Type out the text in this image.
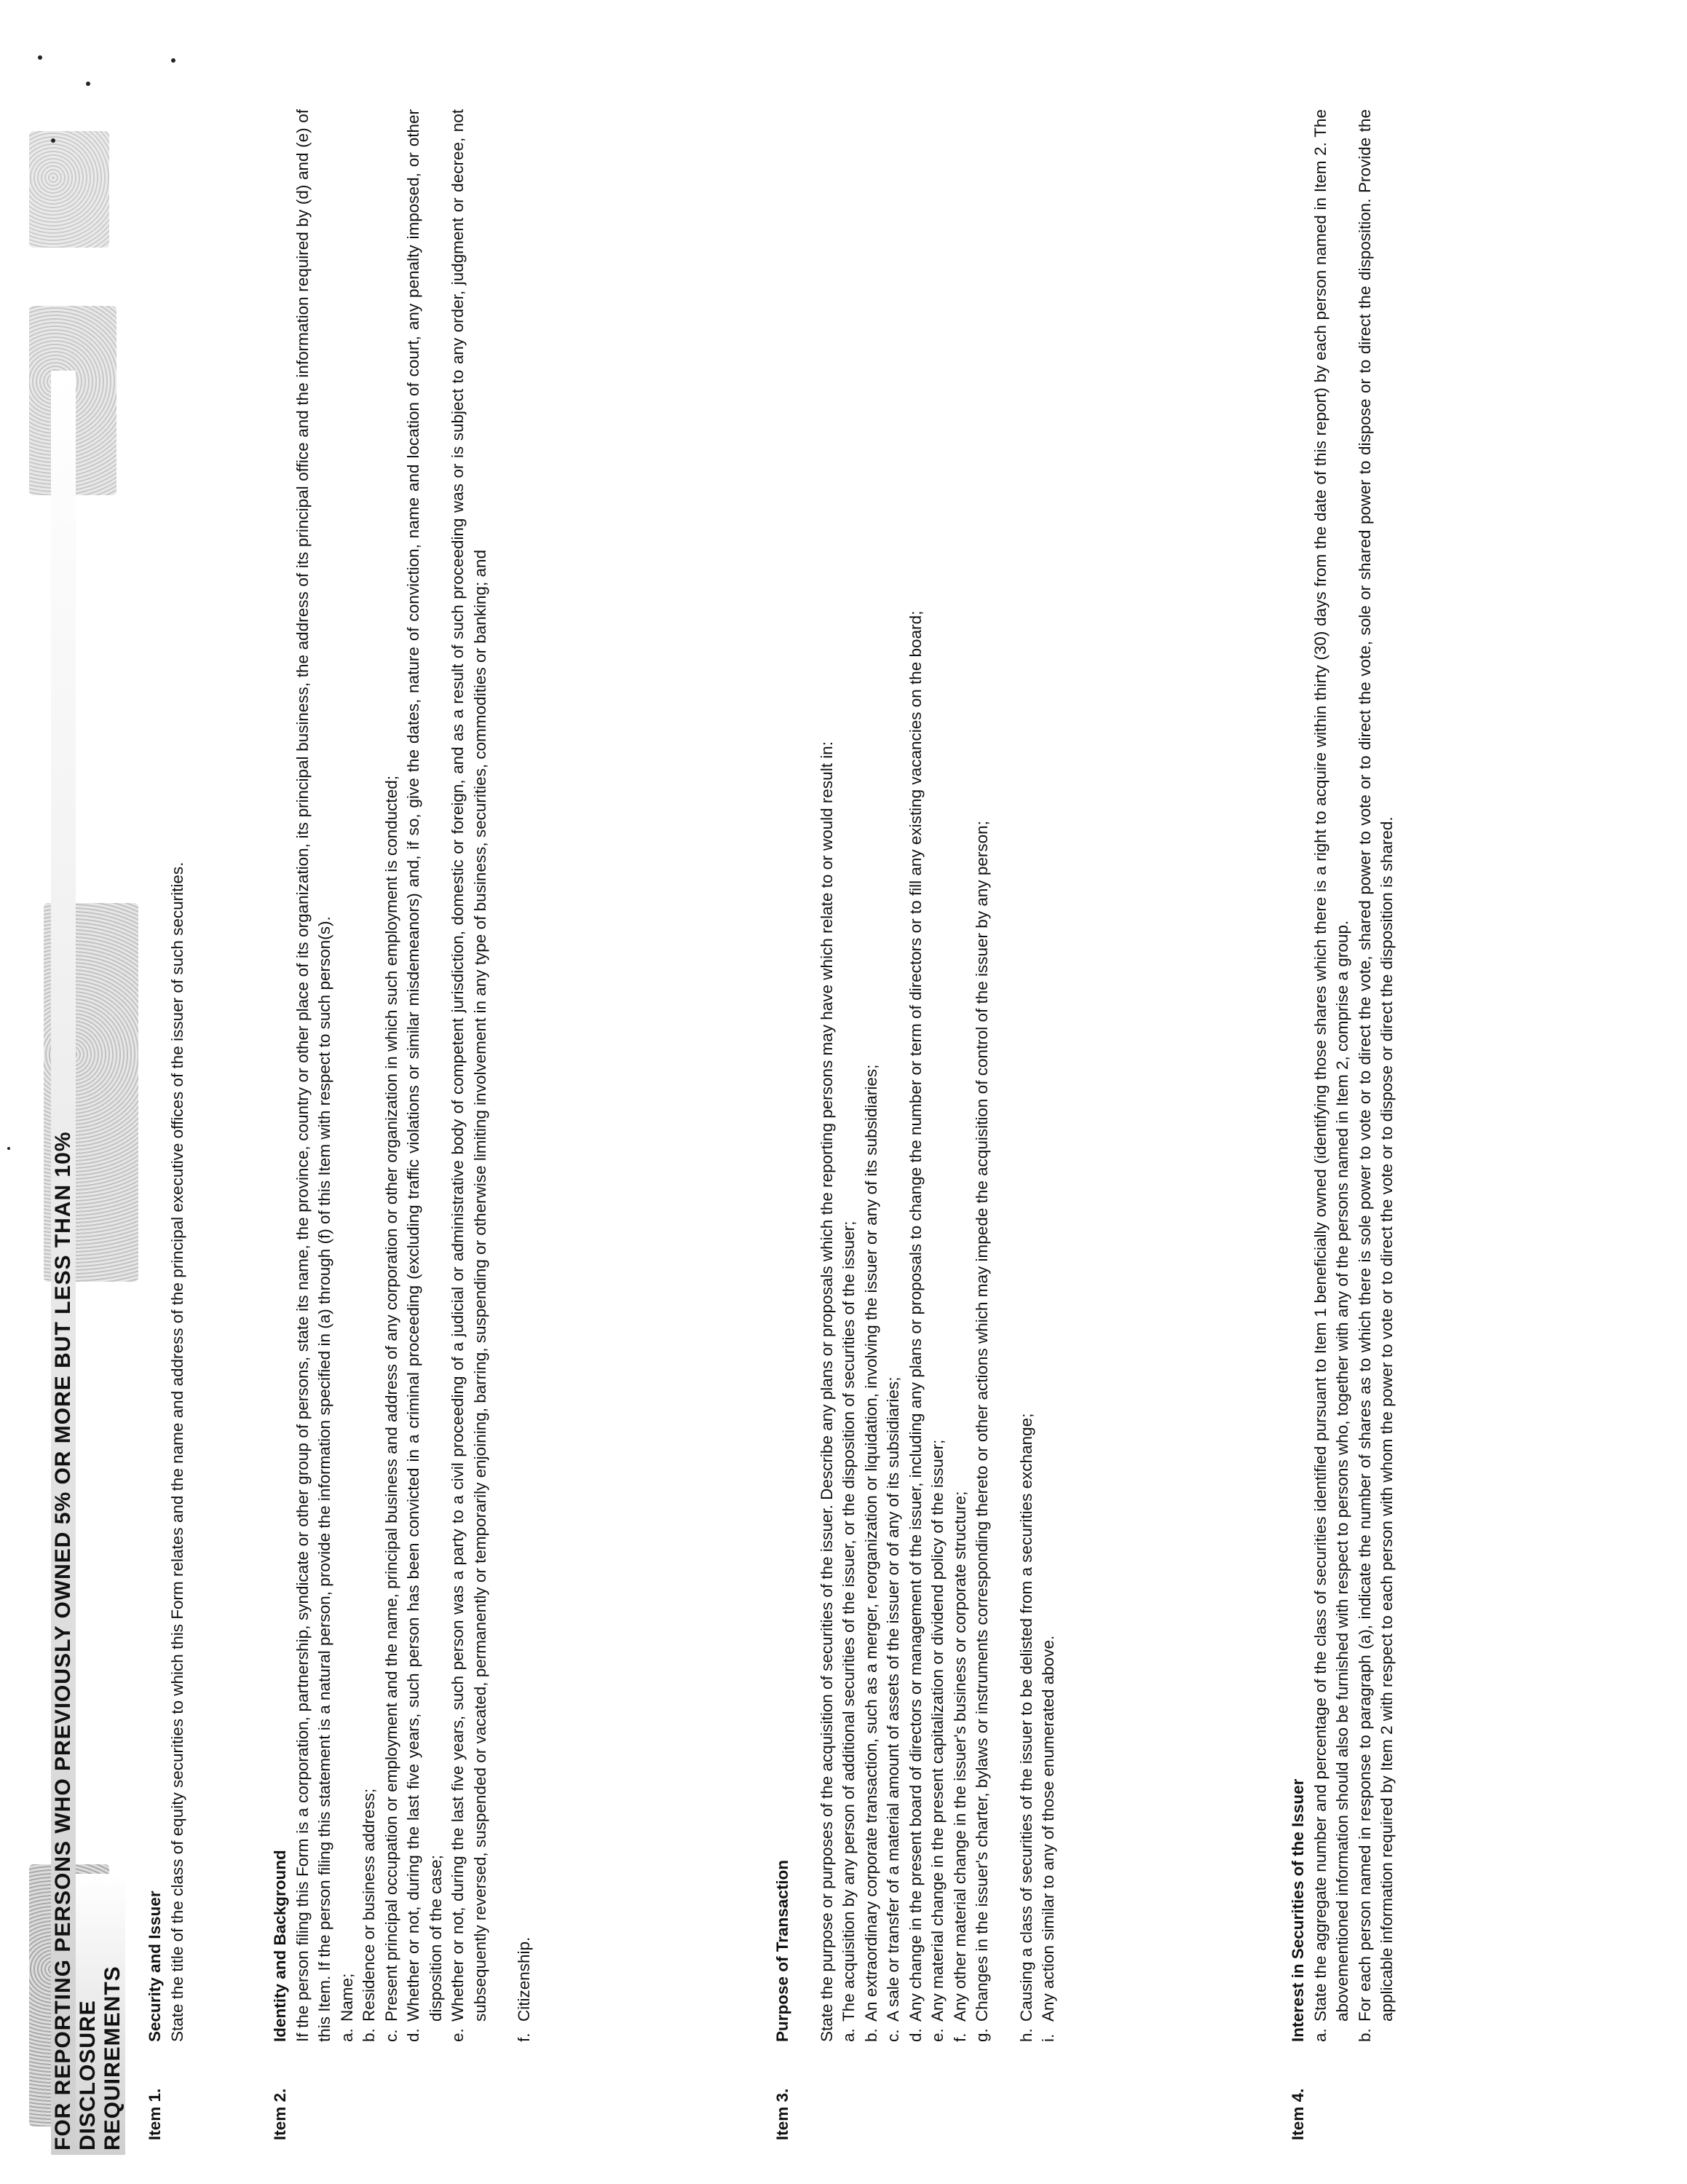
FOR REPORTING PERSONS WHO PREVIOUSLY OWNED 5% OR MORE BUT LESS THAN 10% DISCLOSURE REQUIREMENTS Item 1.
Security and Issuer State the title of the class of equity securities to which this Form relates and the name and address of the principal executive offices of the issuer of such securities.

Item 2.
Identity and Background If the person filing this Form is a corporation, partnership, syndicate or other group of persons, state its name, the province, country or other place of its organization, its principal business, the address of its principal office and the information required by (d) and (e) of this Item. If the person filing this statement is a natural person, provide the information specified in (a) through (f) of this Item with respect to such person(s). a.
Name;
b.
Residence or business address;
c.
Present principal occupation or employment and the name, principal business and address of any corporation or other organization in which such employment is conducted;
d.
Whether or not, during the last five years, such person has been convicted in a criminal proceeding (excluding traffic violations or similar misdemeanors) and, if so, give the dates, nature of conviction, name and location of court, any penalty imposed, or other disposition of the case;
e.
Whether or not, during the last five years, such person was a party to a civil proceeding of a judicial or administrative body of competent jurisdiction, domestic or foreign, and as a result of such proceeding was or is subject to any order, judgment or decree, not subsequently reversed, suspended or vacated, permanently or temporarily enjoining, barring, suspending or otherwise limiting involvement in any type of business, securities, commodities or banking; and
f.
Citizenship.
Item 3.
Purpose of Transaction State the purpose or purposes of the acquisition of securities of the issuer. Describe any plans or proposals which the reporting persons may have which relate to or would result in: a.
The acquisition by any person of additional securities of the issuer, or the disposition of securities of the issuer;
b.
An extraordinary corporate transaction, such as a merger, reorganization or liquidation, involving the issuer or any of its subsidiaries;
c.
A sale or transfer of a material amount of assets of the issuer or of any of its subsidiaries;
d.
Any change in the present board of directors or management of the issuer, including any plans or proposals to change the number or term of directors or to fill any existing vacancies on the board;
e.
Any material change in the present capitalization or dividend policy of the issuer;
f.
Any other material change in the issuer's business or corporate structure;
g.
Changes in the issuer's charter, bylaws or instruments corresponding thereto or other actions which may impede the acquisition of control of the issuer by any person;
h.
Causing a class of securities of the issuer to be delisted from a securities exchange;
i.
Any action similar to any of those enumerated above.
Item 4.
Interest in Securities of the Issuer a.
State the aggregate number and percentage of the class of securities identified pursuant to Item 1 beneficially owned (identifying those shares which there is a right to acquire within thirty (30) days from the date of this report) by each person named in Item 2. The abovementioned information should also be furnished with respect to persons who, together with any of the persons named in Item 2, comprise a group.
b.
For each person named in response to paragraph (a), indicate the number of shares as to which there is sole power to vote or to direct the vote, shared power to vote or to direct the vote, sole or shared power to dispose or to direct the disposition. Provide the applicable information required by Item 2 with respect to each person with whom the power to vote or to direct the vote or to dispose or direct the disposition is shared.
